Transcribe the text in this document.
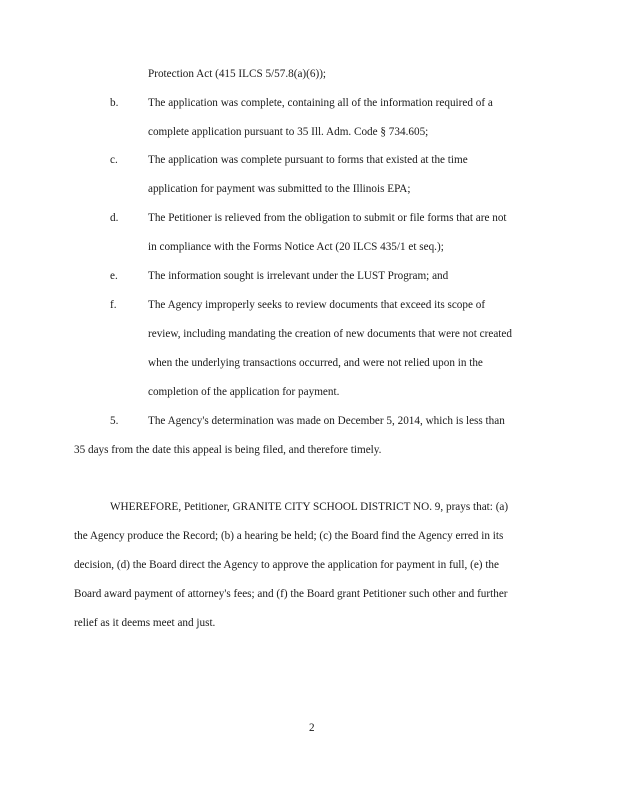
Protection Act (415 ILCS 5/57.8(a)(6));
b.	The application was complete, containing all of the information required of a
complete application pursuant to 35 Ill. Adm. Code § 734.605;
c.	The application was complete pursuant to forms that existed at the time
application for payment was submitted to the Illinois EPA;
d.	The Petitioner is relieved from the obligation to submit or file forms that are not
in compliance with the Forms Notice Act (20 ILCS 435/1 et seq.);
e.	The information sought is irrelevant under the LUST Program; and
f.	The Agency improperly seeks to review documents that exceed its scope of
review, including mandating the creation of new documents that were not created
when the underlying transactions occurred, and were not relied upon in the
completion of the application for payment.
5.	The Agency's determination was made on December 5, 2014, which is less than
35 days from the date this appeal is being filed, and therefore timely.
WHEREFORE, Petitioner, GRANITE CITY SCHOOL DISTRICT NO. 9, prays that: (a)
the Agency produce the Record; (b) a hearing be held; (c) the Board find the Agency erred in its
decision, (d) the Board direct the Agency to approve the application for payment in full, (e) the
Board award payment of attorney's fees; and (f) the Board grant Petitioner such other and further
relief as it deems meet and just.
2
